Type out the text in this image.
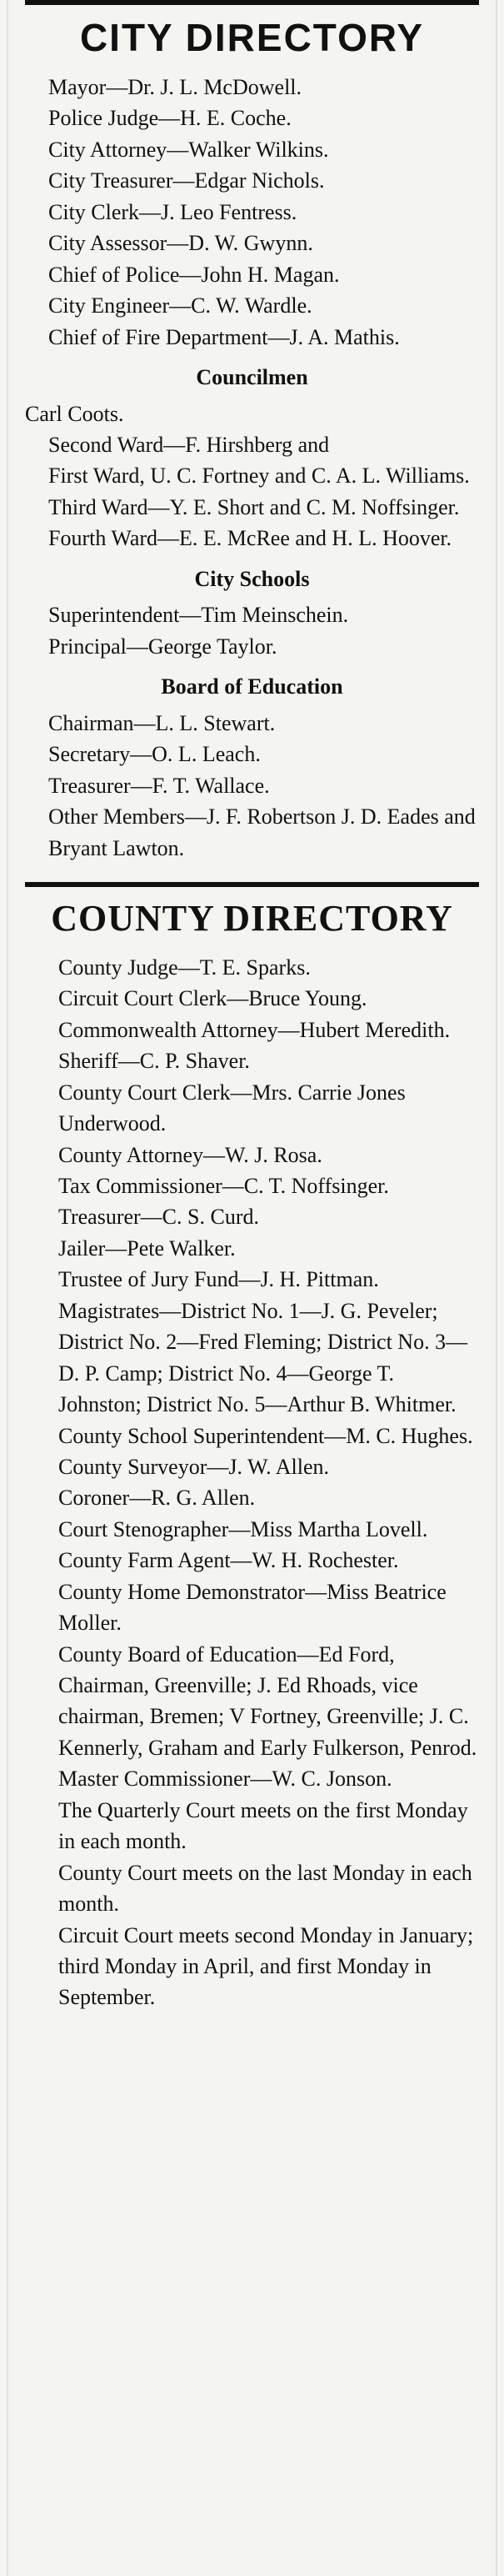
CITY DIRECTORY
Mayor—Dr. J. L. McDowell.
Police Judge—H. E. Coche.
City Attorney—Walker Wilkins.
City Treasurer—Edgar Nichols.
City Clerk—J. Leo Fentress.
City Assessor—D. W. Gwynn.
Chief of Police—John H. Magan.
City Engineer—C. W. Wardle.
Chief of Fire Department—J. A. Mathis.
Councilmen
Carl Coots.
Second Ward—F. Hirshberg and
First Ward, U. C. Fortney and C. A. L. Williams.
Third Ward—Y. E. Short and C. M. Noffsinger.
Fourth Ward—E. E. McRee and H. L. Hoover.
City Schools
Superintendent—Tim Meinschein.
Principal—George Taylor.
Board of Education
Chairman—L. L. Stewart.
Secretary—O. L. Leach.
Treasurer—F. T. Wallace.
Other Members—J. F. Robertson J. D. Eades and Bryant Lawton.
COUNTY DIRECTORY
County Judge—T. E. Sparks.
Circuit Court Clerk—Bruce Young.
Commonwealth Attorney—Hubert Meredith.
Sheriff—C. P. Shaver.
County Court Clerk—Mrs. Carrie Jones Underwood.
County Attorney—W. J. Rosa.
Tax Commissioner—C. T. Noffsinger.
Treasurer—C. S. Curd.
Jailer—Pete Walker.
Trustee of Jury Fund—J. H. Pittman.
Magistrates—District No. 1—J. G. Peveler; District No. 2—Fred Fleming; District No. 3—D. P. Camp; District No. 4—George T. Johnston; District No. 5—Arthur B. Whitmer.
County School Superintendent—M. C. Hughes.
County Surveyor—J. W. Allen.
Coroner—R. G. Allen.
Court Stenographer—Miss Martha Lovell.
County Farm Agent—W. H. Rochester.
County Home Demonstrator—Miss Beatrice Moller.
County Board of Education—Ed Ford, Chairman, Greenville; J. Ed Rhoads, vice chairman, Bremen; V Fortney, Greenville; J. C. Kennerly, Graham and Early Fulkerson, Penrod.
Master Commissioner—W. C. Jonson.
The Quarterly Court meets on the first Monday in each month.
County Court meets on the last Monday in each month.
Circuit Court meets second Monday in January; third Monday in April, and first Monday in September.
